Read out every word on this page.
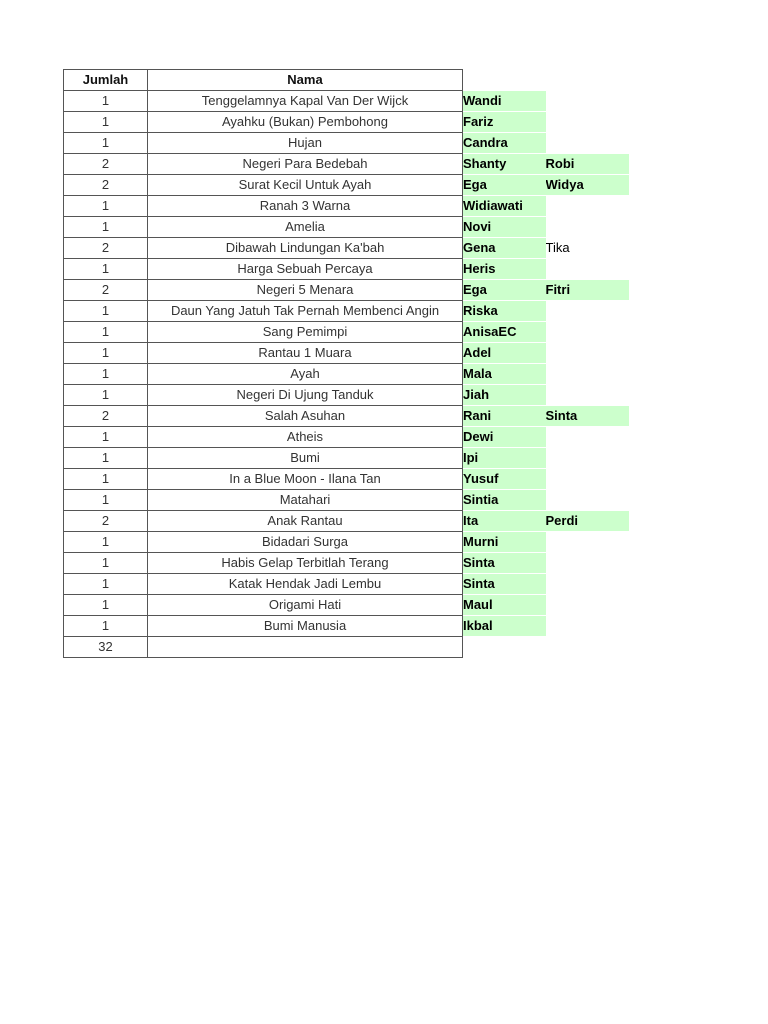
Jumlah	Nama		
1	Tenggelamnya Kapal Van Der Wijck	Wandi	
1	Ayahku (Bukan) Pembohong	Fariz	
1	Hujan	Candra	
2	Negeri Para Bedebah	Shanty	Robi
2	Surat Kecil Untuk Ayah	Ega	Widya
1	Ranah 3 Warna	Widiawati	
1	Amelia	Novi	
2	Dibawah Lindungan Ka'bah	Gena	Tika
1	Harga Sebuah Percaya	Heris	
2	Negeri 5 Menara	Ega	Fitri
1	Daun Yang Jatuh Tak Pernah Membenci Angin	Riska	
1	Sang Pemimpi	AnisaEC	
1	Rantau 1 Muara	Adel	
1	Ayah	Mala	
1	Negeri Di Ujung Tanduk	Jiah	
2	Salah Asuhan	Rani	Sinta
1	Atheis	Dewi	
1	Bumi	Ipi	
1	In a Blue Moon - Ilana Tan	Yusuf	
1	Matahari	Sintia	
2	Anak Rantau	Ita	Perdi
1	Bidadari Surga	Murni	
1	Habis Gelap Terbitlah Terang	Sinta	
1	Katak Hendak Jadi Lembu	Sinta	
1	Origami Hati	Maul	
1	Bumi Manusia	Ikbal	
32			
